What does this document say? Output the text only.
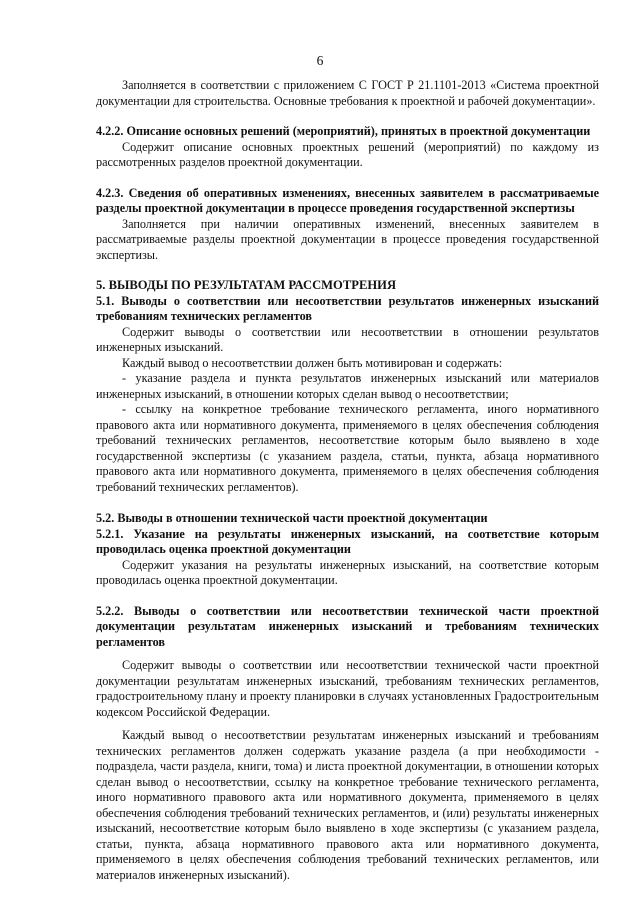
6

Заполняется в соответствии с приложением С ГОСТ Р 21.1101-2013 «Система проектной документации для строительства. Основные требования к проектной и рабочей документации».

4.2.2. Описание основных решений (мероприятий), принятых в проектной документации

Содержит описание основных проектных решений (мероприятий) по каждому из рассмотренных разделов проектной документации.

4.2.3. Сведения об оперативных изменениях, внесенных заявителем в рассматриваемые разделы проектной документации в процессе проведения государственной экспертизы

Заполняется при наличии оперативных изменений, внесенных заявителем в рассматриваемые разделы проектной документации в процессе проведения государственной экспертизы.

5. ВЫВОДЫ ПО РЕЗУЛЬТАТАМ РАССМОТРЕНИЯ

5.1. Выводы о соответствии или несоответствии результатов инженерных изысканий требованиям технических регламентов

Содержит выводы о соответствии или несоответствии в отношении результатов инженерных изысканий.

Каждый вывод о несоответствии должен быть мотивирован и содержать:

- указание раздела и пункта результатов инженерных изысканий или материалов инженерных изысканий, в отношении которых сделан вывод о несоответствии;

- ссылку на конкретное требование технического регламента, иного нормативного правового акта или нормативного документа, применяемого в целях обеспечения соблюдения требований технических регламентов, несоответствие которым было выявлено в ходе государственной экспертизы (с указанием раздела, статьи, пункта, абзаца нормативного правового акта или нормативного документа, применяемого в целях обеспечения соблюдения требований технических регламентов).

5.2. Выводы в отношении технической части проектной документации

5.2.1. Указание на результаты инженерных изысканий, на соответствие которым проводилась оценка проектной документации

Содержит указания на результаты инженерных изысканий, на соответствие которым проводилась оценка проектной документации.

5.2.2. Выводы о соответствии или несоответствии технической части проектной документации результатам инженерных изысканий и требованиям технических регламентов

Содержит выводы о соответствии или несоответствии технической части проектной документации результатам инженерных изысканий, требованиям технических регламентов, градостроительному плану и проекту планировки в случаях установленных Градостроительным кодексом Российской Федерации.

Каждый вывод о несоответствии результатам инженерных изысканий и требованиям технических регламентов должен содержать указание раздела (а при необходимости - подраздела, части раздела, книги, тома) и листа проектной документации, в отношении которых сделан вывод о несоответствии, ссылку на конкретное требование технического регламента, иного нормативного правового акта или нормативного документа, применяемого в целях обеспечения соблюдения требований технических регламентов, и (или) результаты инженерных изысканий, несоответствие которым было выявлено в ходе экспертизы (с указанием раздела, статьи, пункта, абзаца нормативного правового акта или нормативного документа, применяемого в целях обеспечения соблюдения требований технических регламентов, или материалов инженерных изысканий).
